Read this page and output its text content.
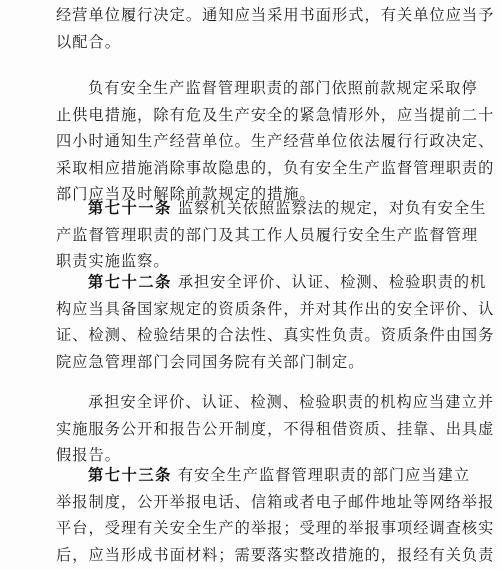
经营单位履行决定。通知应当采用书面形式，有关单位应当予
以配合。
负有安全生产监督管理职责的部门依照前款规定采取停
止供电措施，除有危及生产安全的紧急情形外，应当提前二十
四小时通知生产经营单位。生产经营单位依法履行行政决定、
采取相应措施消除事故隐患的，负有安全生产监督管理职责的
部门应当及时解除前款规定的措施。
第七十一条 监察机关依照监察法的规定，对负有安全生
产监督管理职责的部门及其工作人员履行安全生产监督管理
职责实施监察。
第七十二条 承担安全评价、认证、检测、检验职责的机
构应当具备国家规定的资质条件，并对其作出的安全评价、认
证、检测、检验结果的合法性、真实性负责。资质条件由国务
院应急管理部门会同国务院有关部门制定。
承担安全评价、认证、检测、检验职责的机构应当建立并
实施服务公开和报告公开制度，不得租借资质、挂靠、出具虚
假报告。
第七十三条 有安全生产监督管理职责的部门应当建立
举报制度，公开举报电话、信箱或者电子邮件地址等网络举报
平台，受理有关安全生产的举报；受理的举报事项经调查核实
后，应当形成书面材料；需要落实整改措施的，报经有关负责
